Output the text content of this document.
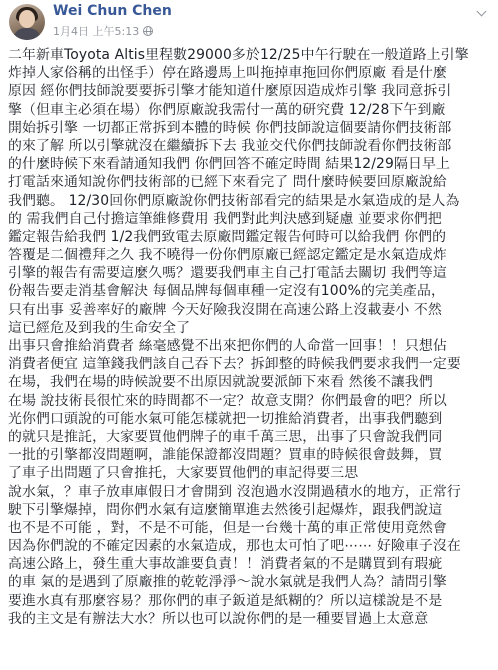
Wei Chun Chen
1月4日 上午5:13
二年新車Toyota Altis里程數29000多於12/25中午行駛在一般道路上引擎
炸掉人家俗稱的出怪手）停在路邊馬上叫拖掉車拖回你們原廠 看是什麼
原因 經你們技師說要要拆引擎才能知道什麼原因造成炸引擎 我同意拆引
擎（但車主必須在場）你們原廠說我需付一萬的研究費 12/28下午到廠
開始拆引擎 一切都正常拆到本體的時候 你們技師說這個要請你們技術部
的來了解 所以引擎就沒在繼續拆下去 我並交代你們技師說看你們技術部
的什麼時候下來看請通知我們 你們回答不確定時間 結果12/29隔日早上
打電話來通知說你們技術部的已經下來看完了 問什麼時候要回原廠說給
我們聽。 12/30回你們原廠說你們技術部看完的結果是水氣造成的是人為
的 需我們自己付擔這筆維修費用 我們對此判決感到疑慮 並要求你們把
鑑定報告給我們 1/2我們致電去原廠問鑑定報告何時可以給我們 你們的
答覆是二個禮拜之久 我不曉得一份你們原廠已經認定鑑定是水氣造成炸
引擎的報告有需要這麼久嗎？還要我們車主自己打電話去關切 我們等這
份報告要走消基會解決 每個品牌每個車種一定沒有100%的完美產品，
只有出事 妥善率好的廠牌 今天好險我沒開在高速公路上沒載妻小 不然
這已經危及到我的生命安全了
出事只會推給消費者 絲毫感覺不出來把你們的人命當一回事！！只想佔
消費者便宜 這筆錢我們該自己吞下去？拆卸整的時候我們要求我們一定要
在場，我們在場的時候說要不出原因就說要派師下來看 然後不讓我們
在場 說技術長很忙來的時間都不一定？故意支開？你們最會的吧？所以
光你們口頭說的可能水氣可能怎樣就把一切推給消費者，出事我們聽到
的就只是推託，大家要買他們牌子的車千萬三思，出事了只會說我們同
一批的引擎都沒問題啊，誰能保證都沒問題？買車的時候很會鼓舞，買
了車子出問題了只會推托，大家要買他們的車記得要三思
說水氣，？車子放車庫假日才會開到 沒泡過水沒開過積水的地方，正常行
駛下引擎爆掉，問你們水氣有這麼簡單進去然後引起爆炸，跟我們說這
也不是不可能 ，對，不是不可能，但是一台幾十萬的車正常使用竟然會
因為你們說的不確定因素的水氣造成，那也太可怕了吧⋯⋯ 好險車子沒在
高速公路上，發生重大事故誰要負責！！消費者氣的不是購買到有瑕疵
的車 氣的是遇到了原廠推的乾乾淨淨～說水氣就是我們人為？請問引擎
要進水真有那麼容易？那你們的車子鈑道是紙糊的？所以這樣說是不是
我的主文是有辦法大水？所以也可以說你們的是一種要冒過上太意意
